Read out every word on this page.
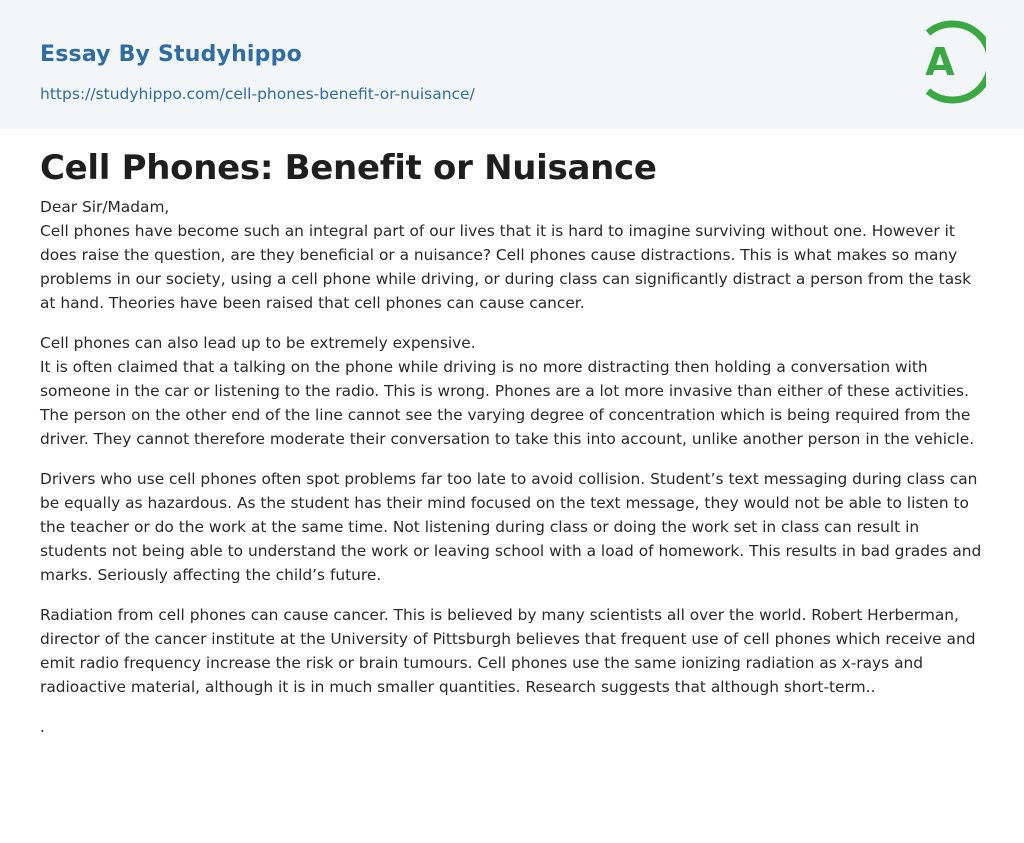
Essay By Studyhippo
https://studyhippo.com/cell-phones-benefit-or-nuisance/
A
Cell Phones: Benefit or Nuisance
Dear Sir/Madam,

Cell phones have become such an integral part of our lives that it is hard to imagine surviving without one. However it does raise the question, are they beneficial or a nuisance? Cell phones cause distractions. This is what makes so many problems in our society, using a cell phone while driving, or during class can significantly distract a person from the task at hand. Theories have been raised that cell phones can cause cancer.

Cell phones can also lead up to be extremely expensive.

It is often claimed that a talking on the phone while driving is no more distracting then holding a conversation with someone in the car or listening to the radio. This is wrong. Phones are a lot more invasive than either of these activities. The person on the other end of the line cannot see the varying degree of concentration which is being required from the driver. They cannot therefore moderate their conversation to take this into account, unlike another person in the vehicle.

Drivers who use cell phones often spot problems far too late to avoid collision. Student’s text messaging during class can be equally as hazardous. As the student has their mind focused on the text message, they would not be able to listen to the teacher or do the work at the same time. Not listening during class or doing the work set in class can result in students not being able to understand the work or leaving school with a load of homework. This results in bad grades and marks. Seriously affecting the child’s future.

Radiation from cell phones can cause cancer. This is believed by many scientists all over the world. Robert Herberman, director of the cancer institute at the University of Pittsburgh believes that frequent use of cell phones which receive and emit radio frequency increase the risk or brain tumours. Cell phones use the same ionizing radiation as x-rays and radioactive material, although it is in much smaller quantities. Research suggests that although short-term..

.
